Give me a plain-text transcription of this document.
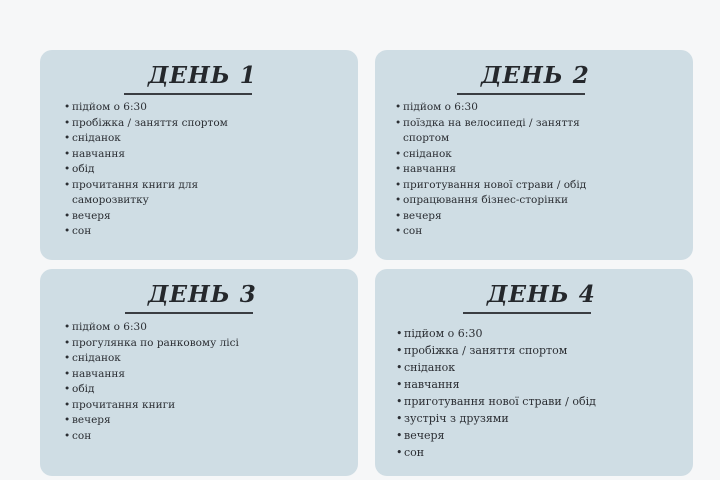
ДЕНЬ 1
• підйом о 6:30
• пробіжка / заняття спортом
• сніданок
• навчання
• обід
• прочитання книги для саморозвитку
• вечеря
• сон
ДЕНЬ 2
• підйом о 6:30
• поїздка на велосипеді / заняття спортом
• сніданок
• навчання
• приготування нової страви / обід
• опрацювання бізнес-сторінки
• вечеря
• сон
ДЕНЬ 3
• підйом о 6:30
• прогулянка по ранковому лісі
• сніданок
• навчання
• обід
• прочитання книги
• вечеря
• сон
ДЕНЬ 4
• підйом о 6:30
• пробіжка / заняття спортом
• сніданок
• навчання
• приготування нової страви / обід
• зустріч з друзями
• вечеря
• сон
